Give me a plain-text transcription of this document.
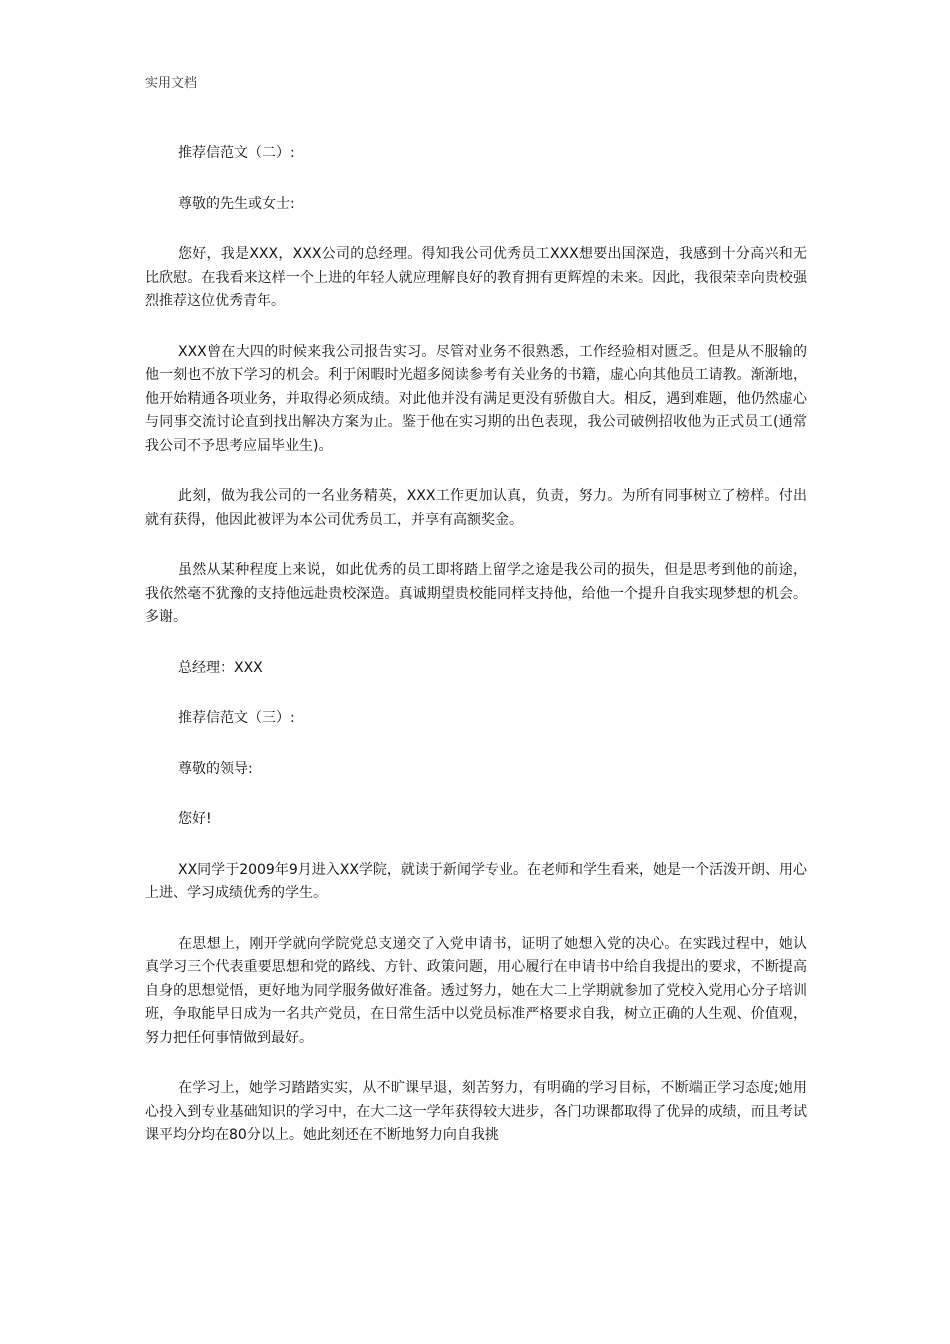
实用文档

推荐信范文（二）:

尊敬的先生或女士:

您好，我是XXX，XXX公司的总经理。得知我公司优秀员工XXX想要出国深造，我感到十分高兴和无比欣慰。在我看来这样一个上进的年轻人就应理解良好的教育拥有更辉煌的未来。因此，我很荣幸向贵校强烈推荐这位优秀青年。

XXX曾在大四的时候来我公司报告实习。尽管对业务不很熟悉，工作经验相对匮乏。但是从不服输的他一刻也不放下学习的机会。利于闲暇时光超多阅读参考有关业务的书籍，虚心向其他员工请教。渐渐地，他开始精通各项业务，并取得必须成绩。对此他并没有满足更没有骄傲自大。相反，遇到难题，他仍然虚心与同事交流讨论直到找出解决方案为止。鉴于他在实习期的出色表现，我公司破例招收他为正式员工(通常我公司不予思考应届毕业生)。

此刻，做为我公司的一名业务精英，XXX工作更加认真，负责，努力。为所有同事树立了榜样。付出就有获得，他因此被评为本公司优秀员工，并享有高额奖金。

虽然从某种程度上来说，如此优秀的员工即将踏上留学之途是我公司的损失，但是思考到他的前途，我依然毫不犹豫的支持他远赴贵校深造。真诚期望贵校能同样支持他，给他一个提升自我实现梦想的机会。多谢。

总经理：XXX

推荐信范文（三）:

尊敬的领导:

您好!

XX同学于2009年9月进入XX学院，就读于新闻学专业。在老师和学生看来，她是一个活泼开朗、用心上进、学习成绩优秀的学生。

在思想上，刚开学就向学院党总支递交了入党申请书，证明了她想入党的决心。在实践过程中，她认真学习三个代表重要思想和党的路线、方针、政策问题，用心履行在申请书中给自我提出的要求，不断提高自身的思想觉悟，更好地为同学服务做好准备。透过努力，她在大二上学期就参加了党校入党用心分子培训班，争取能早日成为一名共产党员，在日常生活中以党员标准严格要求自我，树立正确的人生观、价值观，努力把任何事情做到最好。

在学习上，她学习踏踏实实，从不旷课早退，刻苦努力，有明确的学习目标，不断端正学习态度;她用心投入到专业基础知识的学习中，在大二这一学年获得较大进步，各门功课都取得了优异的成绩，而且考试课平均分均在80分以上。她此刻还在不断地努力向自我挑
